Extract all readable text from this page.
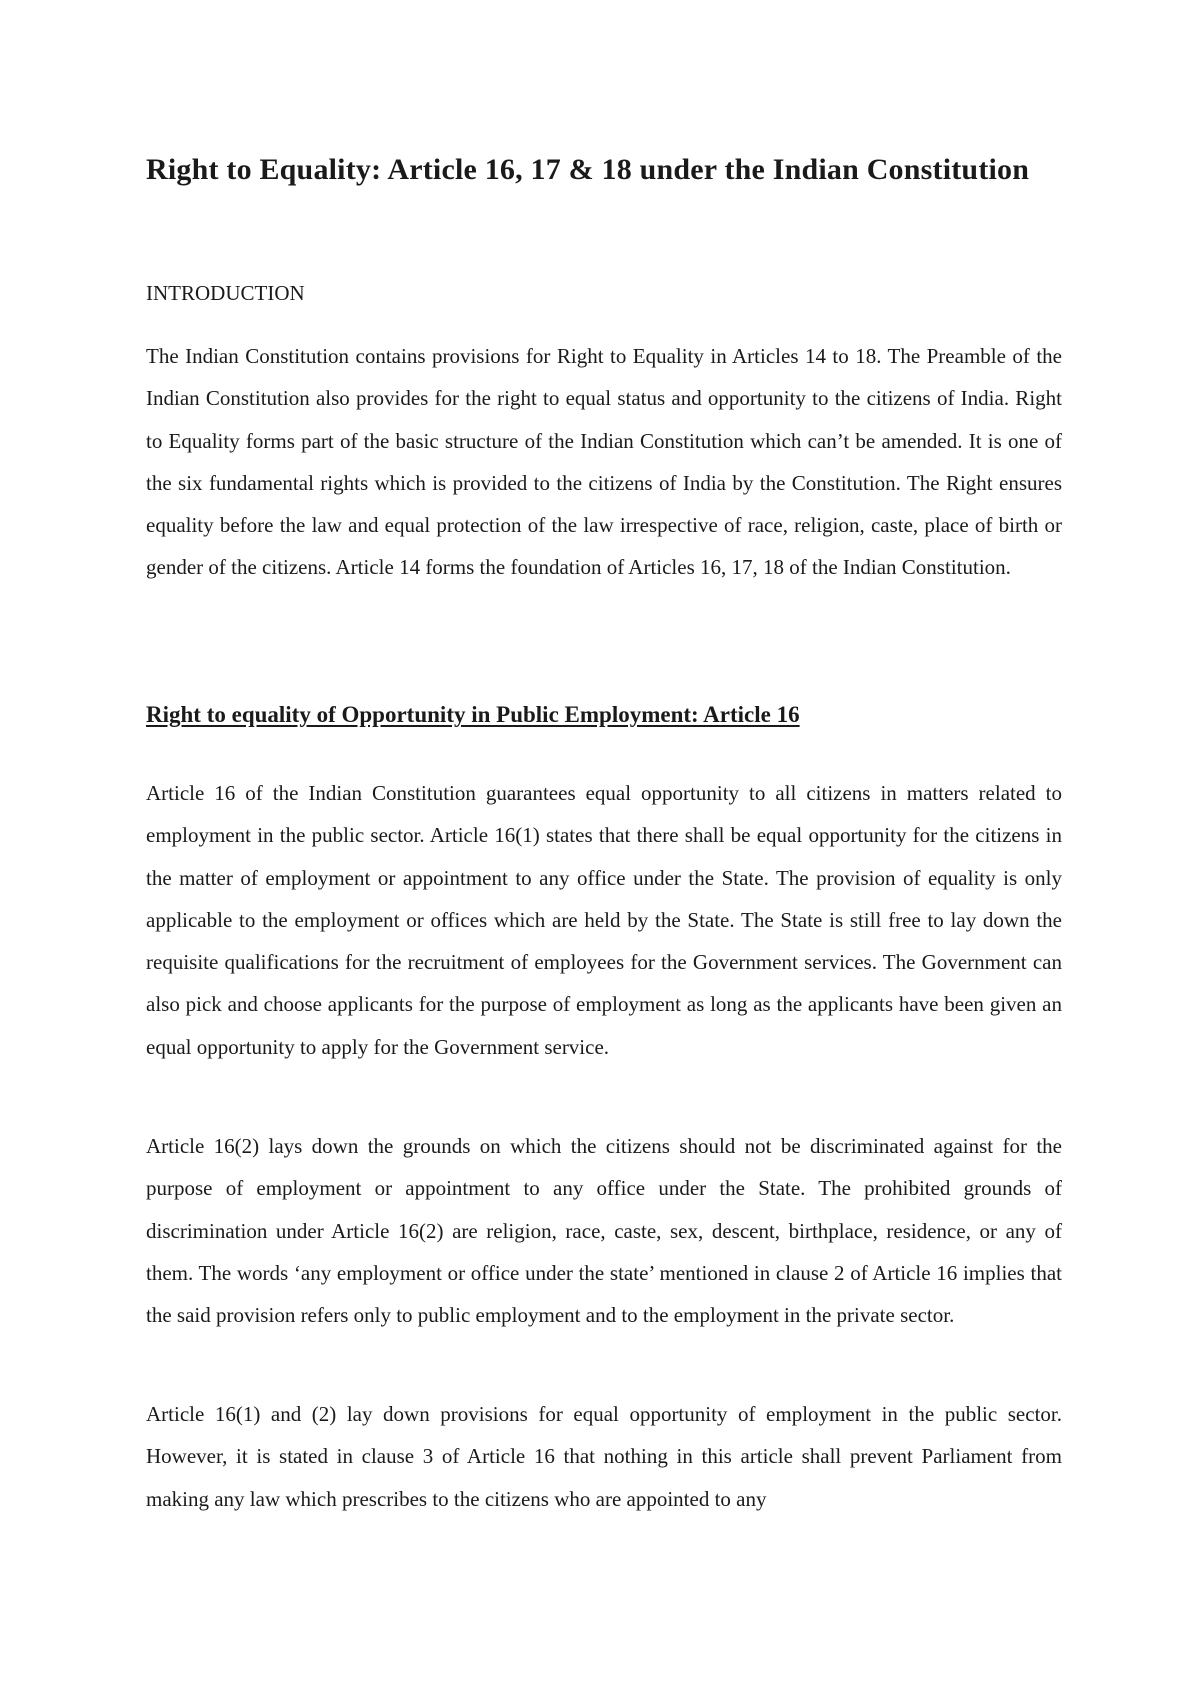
Right to Equality: Article 16, 17 & 18 under the Indian Constitution

INTRODUCTION

The Indian Constitution contains provisions for Right to Equality in Articles 14 to 18. The Preamble of the Indian Constitution also provides for the right to equal status and opportunity to the citizens of India. Right to Equality forms part of the basic structure of the Indian Constitution which can’t be amended. It is one of the six fundamental rights which is provided to the citizens of India by the Constitution. The Right ensures equality before the law and equal protection of the law irrespective of race, religion, caste, place of birth or gender of the citizens. Article 14 forms the foundation of Articles 16, 17, 18 of the Indian Constitution.

Right to equality of Opportunity in Public Employment: Article 16

Article 16 of the Indian Constitution guarantees equal opportunity to all citizens in matters related to employment in the public sector. Article 16(1) states that there shall be equal opportunity for the citizens in the matter of employment or appointment to any office under the State. The provision of equality is only applicable to the employment or offices which are held by the State. The State is still free to lay down the requisite qualifications for the recruitment of employees for the Government services. The Government can also pick and choose applicants for the purpose of employment as long as the applicants have been given an equal opportunity to apply for the Government service.

Article 16(2) lays down the grounds on which the citizens should not be discriminated against for the purpose of employment or appointment to any office under the State. The prohibited grounds of discrimination under Article 16(2) are religion, race, caste, sex, descent, birthplace, residence, or any of them. The words ‘any employment or office under the state’ mentioned in clause 2 of Article 16 implies that the said provision refers only to public employment and to the employment in the private sector.

Article 16(1) and (2) lay down provisions for equal opportunity of employment in the public sector. However, it is stated in clause 3 of Article 16 that nothing in this article shall prevent Parliament from making any law which prescribes to the citizens who are appointed to any
